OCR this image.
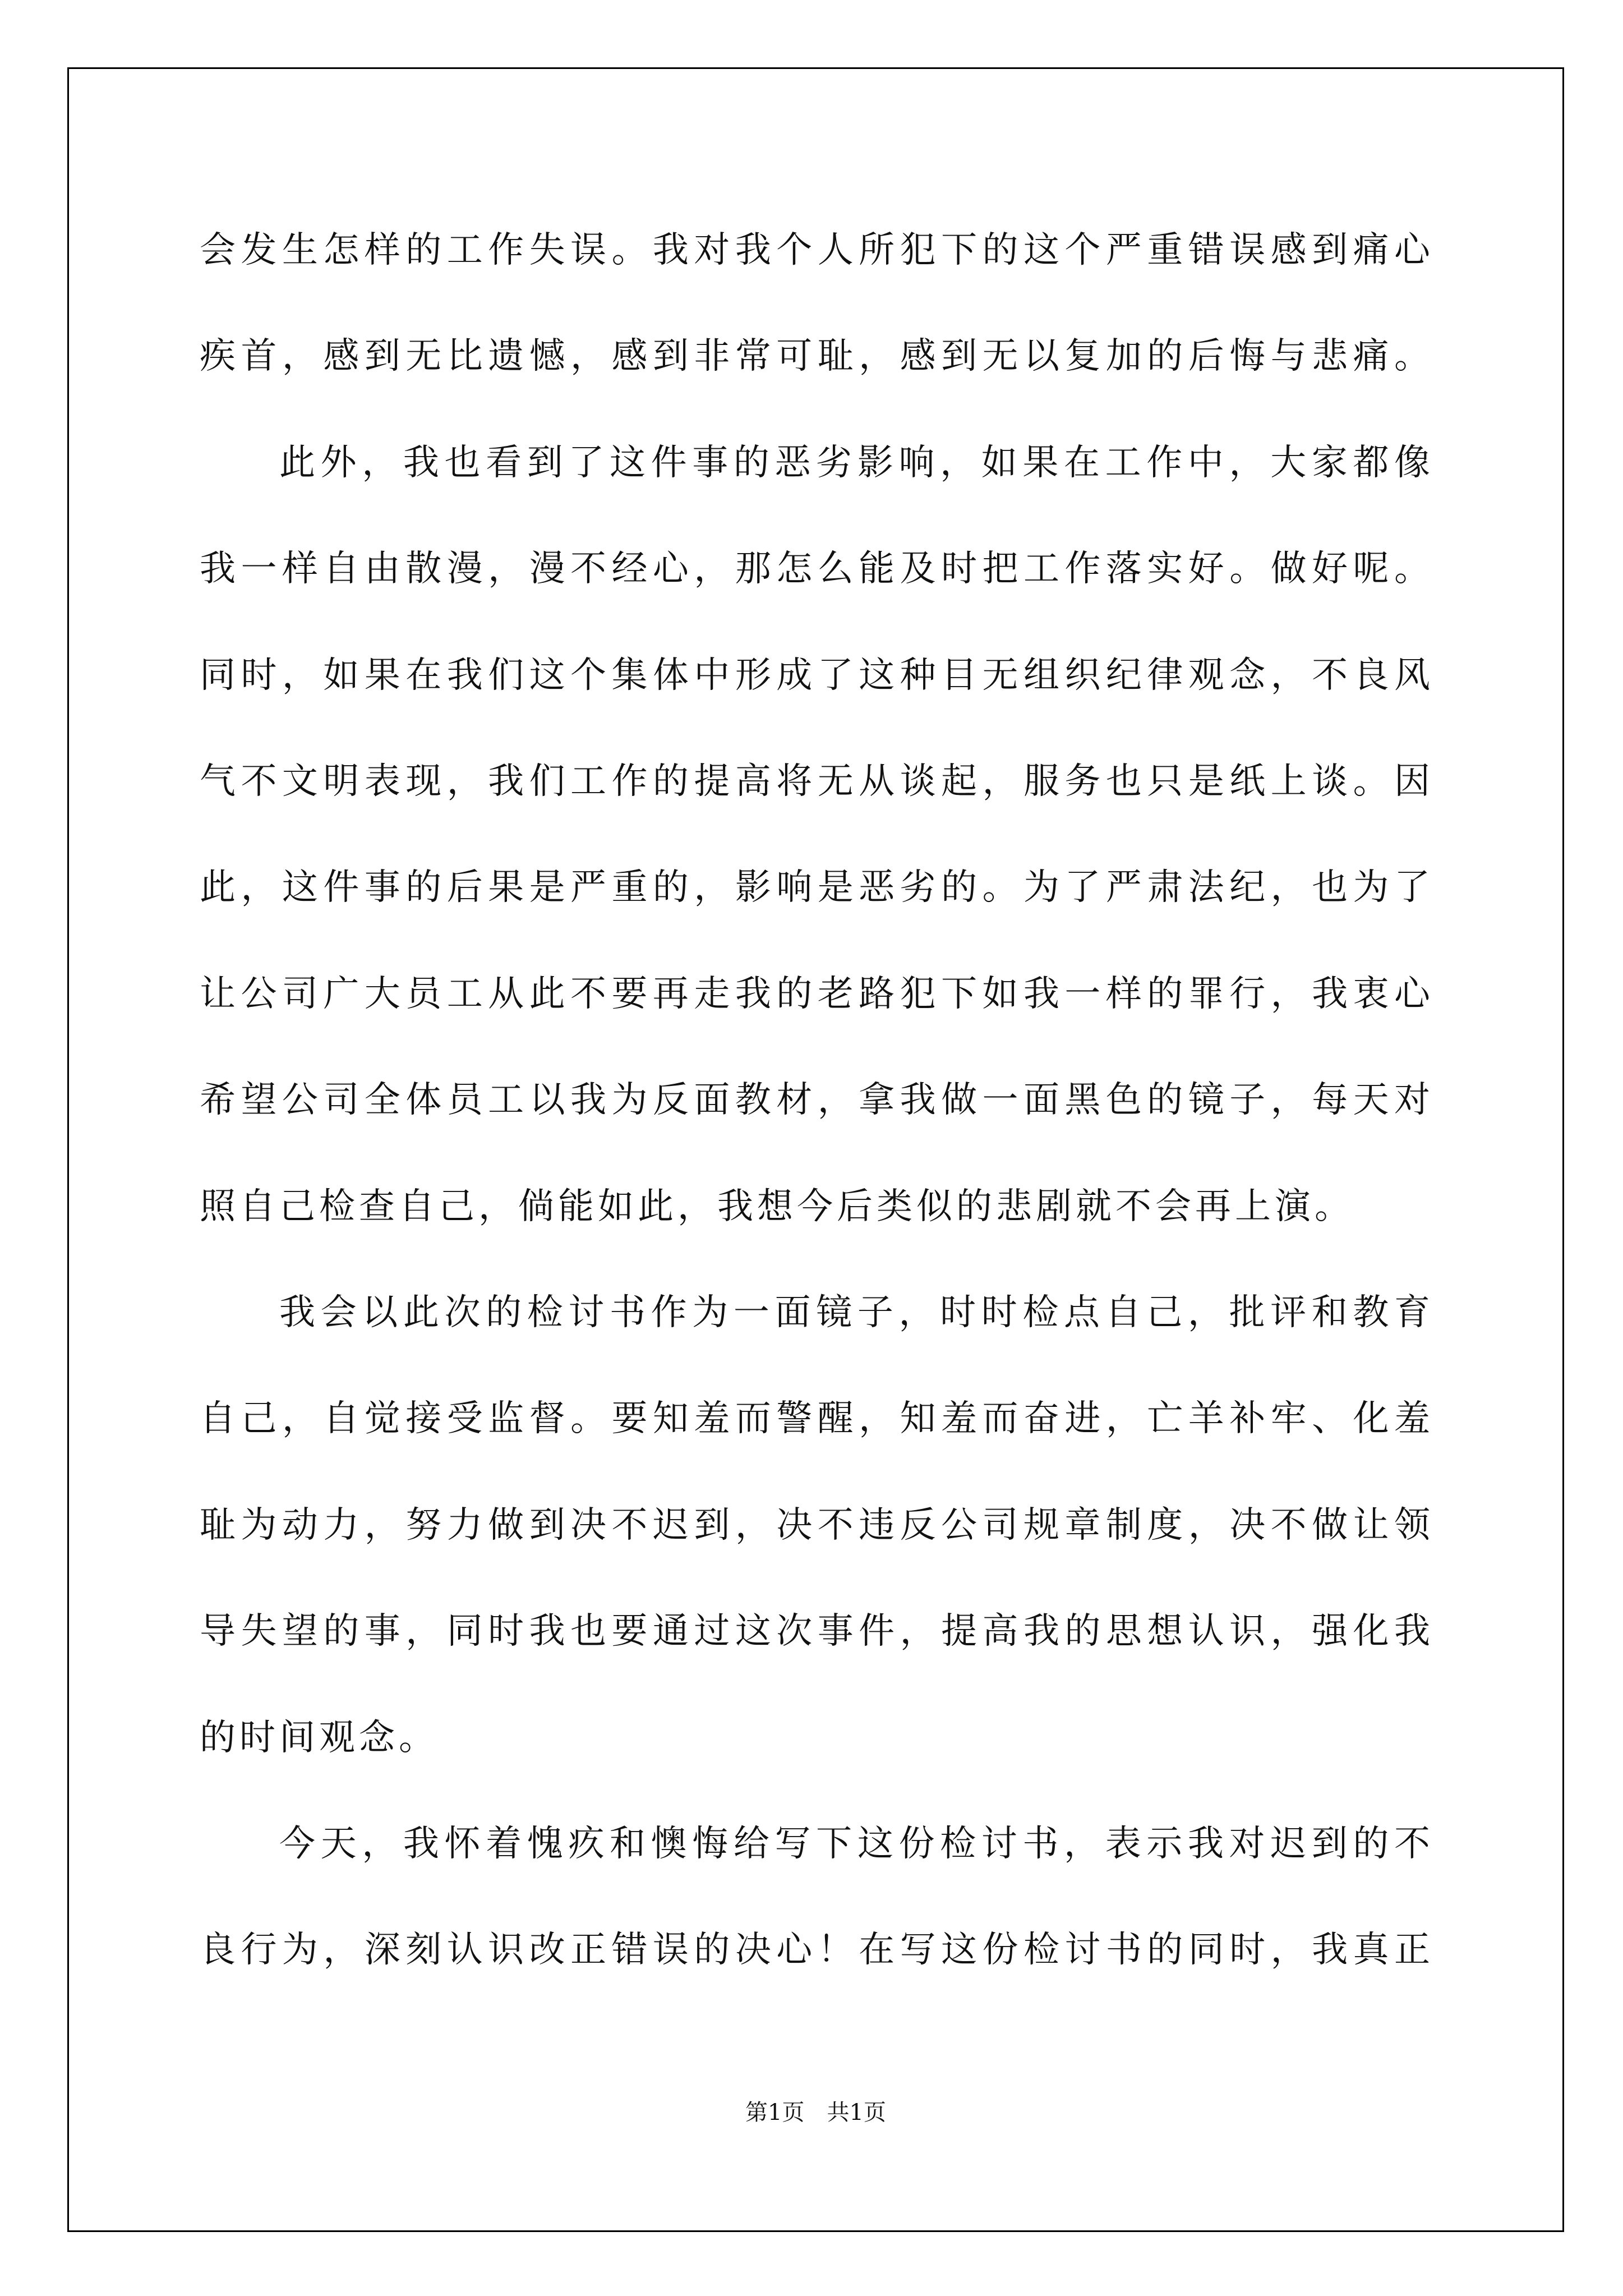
会发生怎样的工作失误。我对我个人所犯下的这个严重错误感到痛心
疾首，感到无比遗憾，感到非常可耻，感到无以复加的后悔与悲痛。
此外，我也看到了这件事的恶劣影响，如果在工作中，大家都像
我一样自由散漫，漫不经心，那怎么能及时把工作落实好。做好呢。
同时，如果在我们这个集体中形成了这种目无组织纪律观念，不良风
气不文明表现，我们工作的提高将无从谈起，服务也只是纸上谈。因
此，这件事的后果是严重的，影响是恶劣的。为了严肃法纪，也为了
让公司广大员工从此不要再走我的老路犯下如我一样的罪行，我衷心
希望公司全体员工以我为反面教材，拿我做一面黑色的镜子，每天对
照自己检查自己，倘能如此，我想今后类似的悲剧就不会再上演。
我会以此次的检讨书作为一面镜子，时时检点自己，批评和教育
自己，自觉接受监督。要知羞而警醒，知羞而奋进，亡羊补牢、化羞
耻为动力，努力做到决不迟到，决不违反公司规章制度，决不做让领
导失望的事，同时我也要通过这次事件，提高我的思想认识，强化我
的时间观念。
今天，我怀着愧疚和懊悔给写下这份检讨书，表示我对迟到的不
良行为，深刻认识改正错误的决心！在写这份检讨书的同时，我真正
第1页　共1页
